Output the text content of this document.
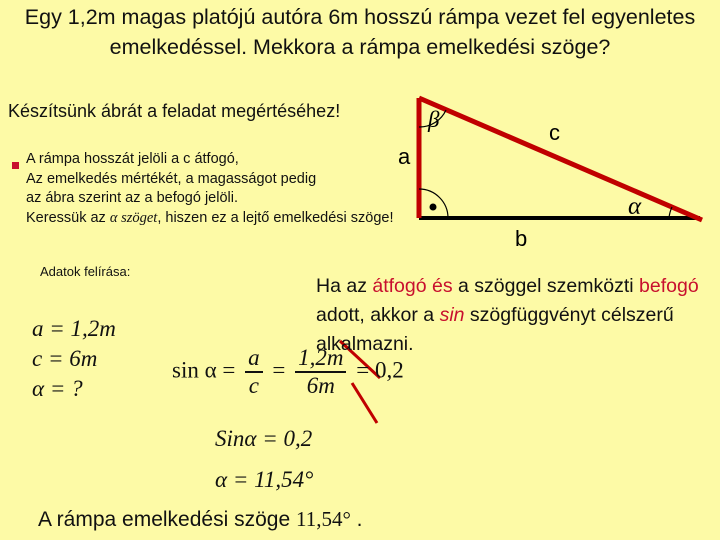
Egy 1,2m magas platójú autóra 6m hosszú rámpa vezet fel egyenletes emelkedéssel. Mekkora a rámpa emelkedési szöge?
Készítsünk ábrát a feladat megértéséhez!
A rámpa hosszát jelöli a c átfogó,
Az emelkedés mértékét, a magasságot pedig
az ábra szerint az a befogó jelöli.
Keressük az α szöget, hiszen ez a lejtő emelkedési szöge!
a
b
c
α
β
Adatok felírása:
a = 1,2m
c = 6m
α = ?
$\sin \alpha = \frac{a}{c} = \frac{1,2m}{6m} = 0,2$
Sinα = 0,2
α = 11,54°
A rámpa emelkedési szöge 11,54° .
Ha az átfogó és a szöggel szemközti befogó adott, akkor a sin szögfüggvényt célszerű alkalmazni.
